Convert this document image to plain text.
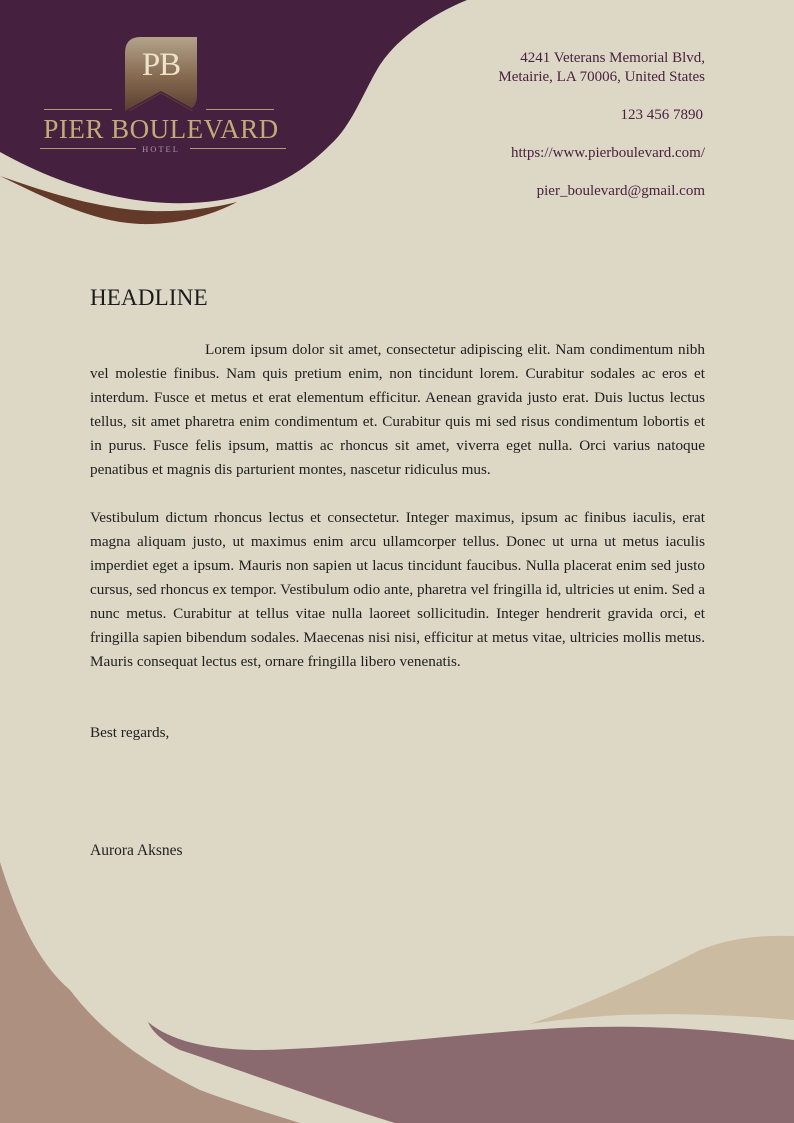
PB
PIER BOULEVARD
HOTEL
4241 Veterans Memorial Blvd,
Metairie, LA 70006, United States
123 456 7890
https://www.pierboulevard.com/
pier_boulevard@gmail.com
HEADLINE

Lorem ipsum dolor sit amet, consectetur adipiscing elit. Nam condimentum nibh vel molestie finibus. Nam quis pretium enim, non tincidunt lorem. Curabitur sodales ac eros et interdum. Fusce et metus et erat elementum efficitur. Aenean gravida justo erat. Duis luctus lectus tellus, sit amet pharetra enim condimentum et. Curabitur quis mi sed risus condimentum lobortis et in purus. Fusce felis ipsum, mattis ac rhoncus sit amet, viverra eget nulla. Orci varius natoque penatibus et magnis dis parturient montes, nascetur ridiculus mus.

Vestibulum dictum rhoncus lectus et consectetur. Integer maximus, ipsum ac finibus iaculis, erat magna aliquam justo, ut maximus enim arcu ullamcorper tellus. Donec ut urna ut metus iaculis imperdiet eget a ipsum. Mauris non sapien ut lacus tincidunt faucibus. Nulla placerat enim sed justo cursus, sed rhoncus ex tempor. Vestibulum odio ante, pharetra vel fringilla id, ultricies ut enim. Sed a nunc metus. Curabitur at tellus vitae nulla laoreet sollicitudin. Integer hendrerit gravida orci, et fringilla sapien bibendum sodales. Maecenas nisi nisi, efficitur at metus vitae, ultricies mollis metus. Mauris consequat lectus est, ornare fringilla libero venenatis.

Best regards,
Aurora Aksnes
